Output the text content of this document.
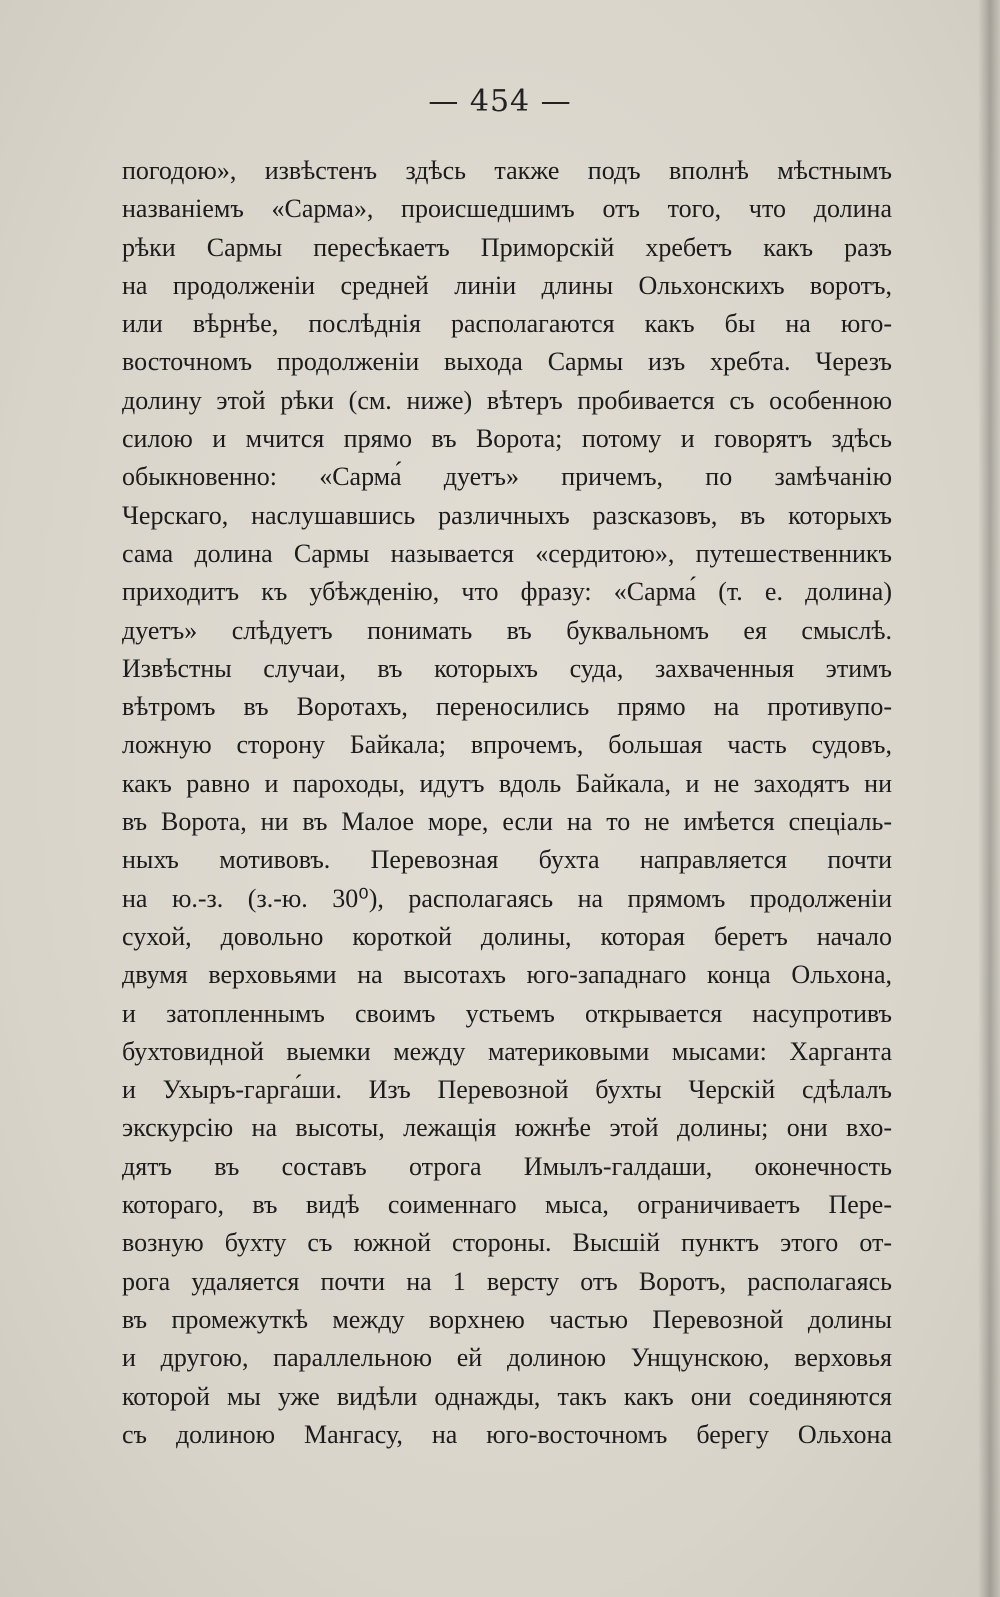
— 454 —
погодою», извѣстенъ здѣсь также подъ вполнѣ мѣстнымъ
названіемъ «Сарма», происшедшимъ отъ того, что долина
рѣки Сармы пересѣкаетъ Приморскій хребетъ какъ разъ
на продолженіи средней линіи длины Ольхонскихъ воротъ,
или вѣрнѣе, послѣднія располагаются какъ бы на юго-
восточномъ продолженіи выхода Сармы изъ хребта. Черезъ
долину этой рѣки (см. ниже) вѣтеръ пробивается съ особенною
силою и мчится прямо въ Ворота; потому и говорятъ здѣсь
обыкновенно: «Сарма́ дуетъ» причемъ, по замѣчанію
Черскаго, наслушавшись различныхъ разсказовъ, въ которыхъ
сама долина Сармы называется «сердитою», путешественникъ
приходитъ къ убѣжденію, что фразу: «Сарма́ (т. е. долина)
дуетъ» слѣдуетъ понимать въ буквальномъ ея смыслѣ.
Извѣстны случаи, въ которыхъ суда, захваченныя этимъ
вѣтромъ въ Воротахъ, переносились прямо на противупо-
ложную сторону Байкала; впрочемъ, большая часть судовъ,
какъ равно и пароходы, идутъ вдоль Байкала, и не заходятъ ни
въ Ворота, ни въ Малое море, если на то не имѣется спеціаль-
ныхъ мотивовъ. Перевозная бухта направляется почти
на ю.-з. (з.-ю. 30⁰), располагаясь на прямомъ продолженіи
сухой, довольно короткой долины, которая беретъ начало
двумя верховьями на высотахъ юго-западнаго конца Ольхона,
и затопленнымъ своимъ устьемъ открывается насупротивъ
бухтовидной выемки между материковыми мысами: Харганта
и Ухыръ-гарга́ши. Изъ Перевозной бухты Черскій сдѣлалъ
экскурсію на высоты, лежащія южнѣе этой долины; они вхо-
дятъ въ составъ отрога Имылъ-галдаши, оконечность
котораго, въ видѣ соименнаго мыса, ограничиваетъ Пере-
возную бухту съ южной стороны. Высшій пунктъ этого от-
рога удаляется почти на 1 версту отъ Воротъ, располагаясь
въ промежуткѣ между ворхнею частью Перевозной долины
и другою, параллельною ей долиною Унщунскою, верховья
которой мы уже видѣли однажды, такъ какъ они соединяются
съ долиною Мангасу, на юго-восточномъ берегу Ольхона
